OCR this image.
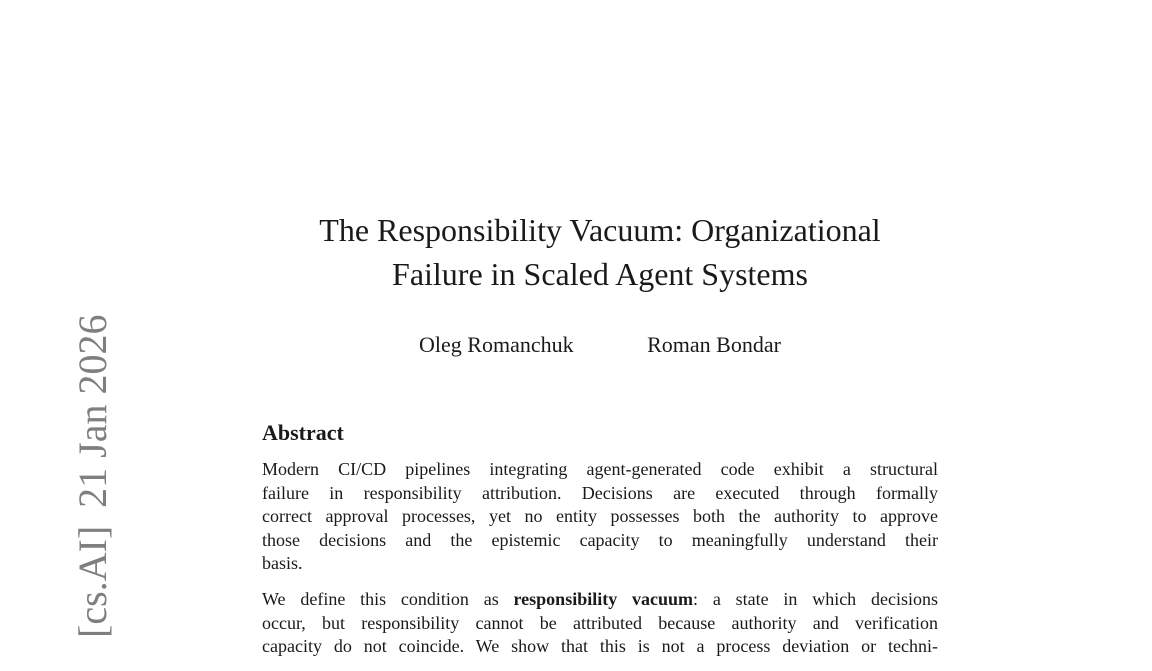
[cs.AI]21 Jan 2026
The Responsibility Vacuum: Organizational
Failure in Scaled Agent Systems
Oleg Romanchuk	Roman Bondar
Abstract

Modern CI/CD pipelines integrating agent-generated code exhibit a structural
failure in responsibility attribution. Decisions are executed through formally
correct approval processes, yet no entity possesses both the authority to approve
those decisions and the epistemic capacity to meaningfully understand their
basis.

We define this condition as responsibility vacuum: a state in which decisions
occur, but responsibility cannot be attributed because authority and verification
capacity do not coincide. We show that this is not a process deviation or techni-
